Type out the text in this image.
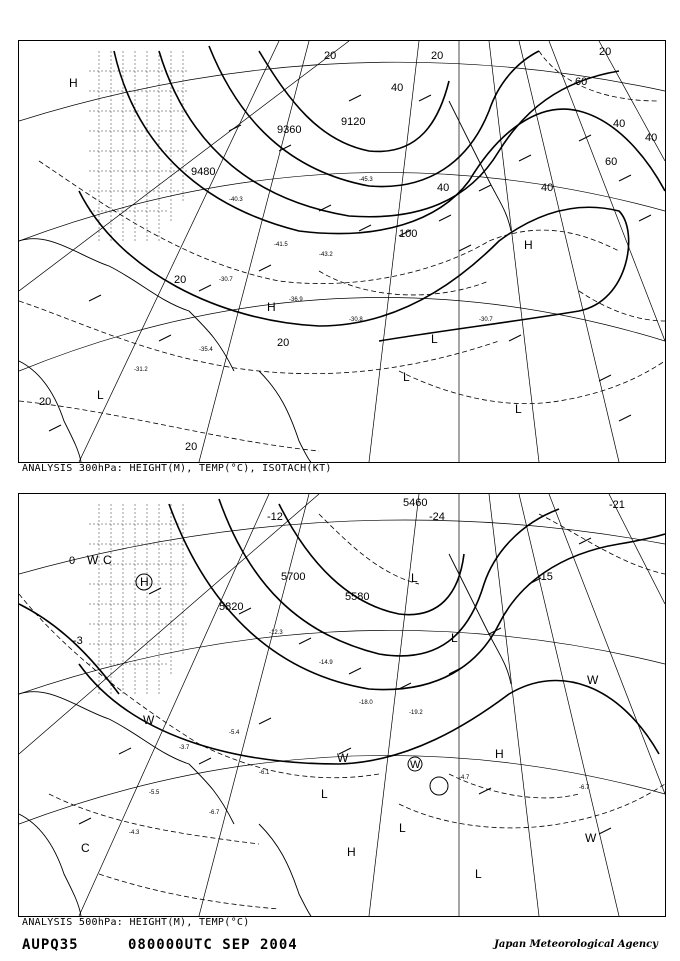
-41.5
-43.2
-45.3
-40.3
-30.7
-36.9
-30.7
-35.4
-31.2
-30.8
9360
9120
9480
100
20	20	20
20
20
20
20
40
40	40
40
40
60
60
H
H
H
L
L
L
L
ANALYSIS 300hPa: HEIGHT(M), TEMP(°C), ISOTACH(KT)
-12.3
-14.9
-18.0
-19.2
-5.4
-3.7
-6.1
-4.7
-6.7
-5.5
-6.7
-4.3
5700
5580
5820
5460
-12	-24
-21
-15
-3
0
H
W C
L
L
L
W
W	W
H
C
L
W
L
H
W
ANALYSIS 500hPa: HEIGHT(M), TEMP(°C)
AUPQ35	080000UTC SEP 2004	Japan Meteorological Agency
